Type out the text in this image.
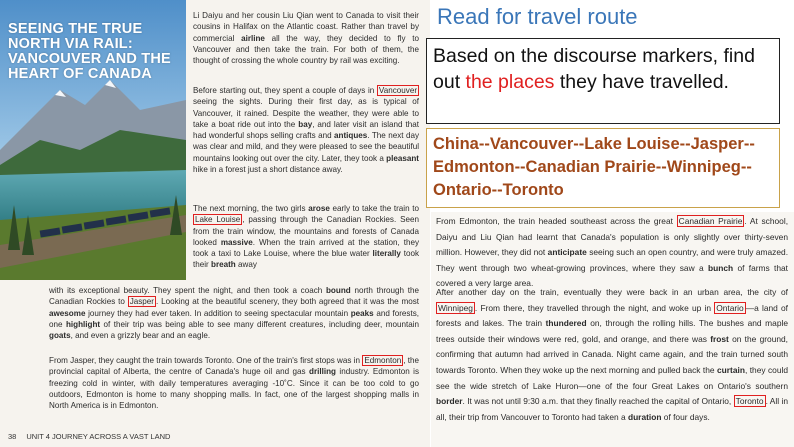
SEEING THE TRUE
NORTH VIA RAIL:
VANCOUVER AND THE
HEART OF CANADA

Li Daiyu and her cousin Liu Qian went to Canada to visit their cousins in Halifax on the Atlantic coast. Rather than travel by commercial airline all the way, they decided to fly to Vancouver and then take the train. For both of them, the thought of crossing the whole country by rail was exciting.

Before starting out, they spent a couple of days in Vancouver seeing the sights. During their first day, as is typical of Vancouver, it rained. Despite the weather, they were able to take a boat ride out into the bay, and later visit an island that had wonderful shops selling crafts and antiques. The next day was clear and mild, and they were pleased to see the beautiful mountains looking out over the city. Later, they took a pleasant hike in a forest just a short distance away.

The next morning, the two girls arose early to take the train to Lake Louise , passing through the Canadian Rockies. Seen from the train window, the mountains and forests of Canada looked massive. When the train arrived at the station, they took a taxi to Lake Louise, where the blue water literally took their breath away

with its exceptional beauty. They spent the night, and then took a coach bound north through the Canadian Rockies to Jasper . Looking at the beautiful scenery, they both agreed that it was the most awesome journey they had ever taken. In addition to seeing spectacular mountain peaks and forests, one highlight of their trip was being able to see many different creatures, including deer, mountain goats, and even a grizzly bear and an eagle.

From Jasper, they caught the train towards Toronto. One of the train's first stops was in Edmonton , the provincial capital of Alberta, the centre of Canada's huge oil and gas drilling industry. Edmonton is freezing cold in winter, with daily temperatures averaging -10˚C. Since it can be too cold to go outdoors, Edmonton is home to many shopping malls. In fact, one of the largest shopping malls in North America is in Edmonton.

38 UNIT 4 JOURNEY ACROSS A VAST LAND
Read for travel route
Based on the discourse markers, find out the places they have travelled.
China--Vancouver--Lake Louise--Jasper--Edmonton--Canadian Prairie--Winnipeg--Ontario--Toronto

From Edmonton, the train headed southeast across the great Canadian Prairie . At school, Daiyu and Liu Qian had learnt that Canada's population is only slightly over thirty-seven million. However, they did not anticipate seeing such an open country, and were truly amazed. They went through two wheat-growing provinces, where they saw a bunch of farms that covered a very large area.

After another day on the train, eventually they were back in an urban area, the city of Winnipeg . From there, they travelled through the night, and woke up in Ontario —a land of forests and lakes. The train thundered on, through the rolling hills. The bushes and maple trees outside their windows were red, gold, and orange, and there was frost on the ground, confirming that autumn had arrived in Canada. Night came again, and the train turned south towards Toronto. When they woke up the next morning and pulled back the curtain, they could see the wide stretch of Lake Huron—one of the four Great Lakes on Ontario's southern border. It was not until 9:30 a.m. that they finally reached the capital of Ontario, Toronto . All in all, their trip from Vancouver to Toronto had taken a duration of four days.
